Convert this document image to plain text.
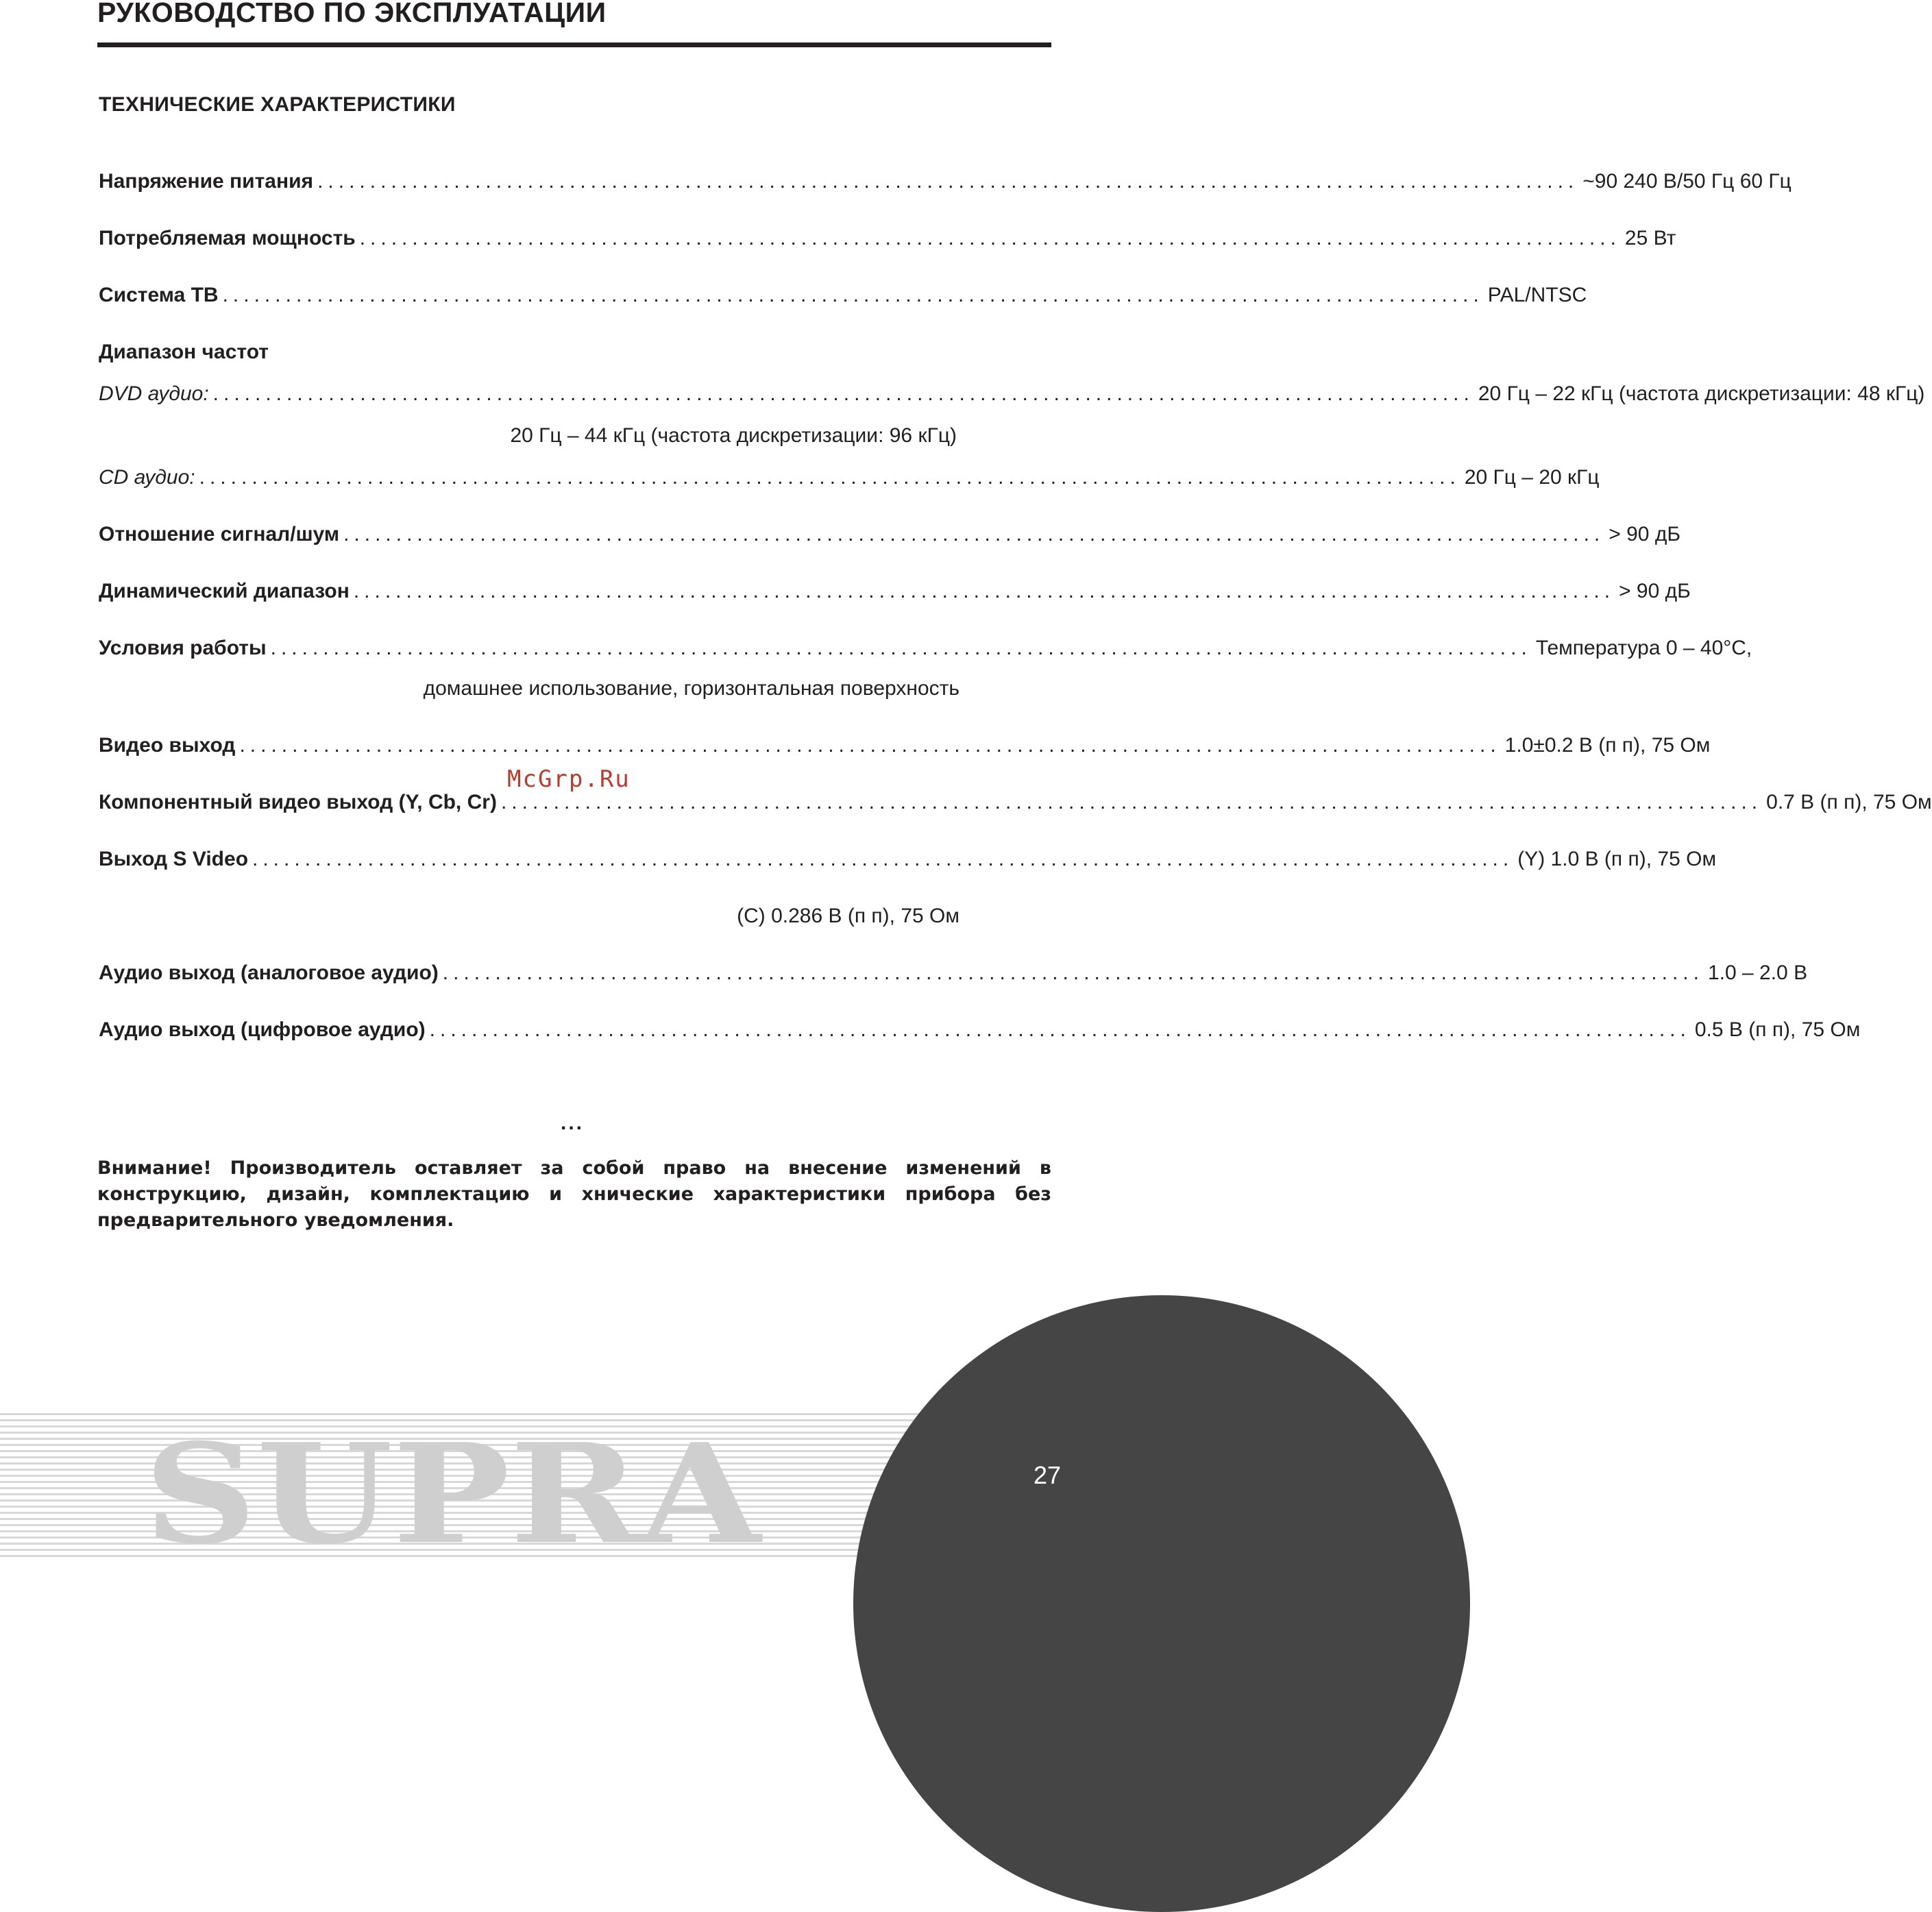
РУКОВОДСТВО ПО ЭКСПЛУАТАЦИИ
ТЕХНИЧЕСКИЕ ХАРАКТЕРИСТИКИ
Напряжение питания ........................................................................................................................ ~90 240 В/50 Гц 60 Гц
Потребляемая мощность ........................................................................................................................ 25 Вт
Система ТВ ........................................................................................................................ PAL/NTSC
Диапазон частот
DVD аудио: ........................................................................................................................ 20 Гц – 22 кГц (частота дискретизации: 48 кГц)
20 Гц – 44 кГц (частота дискретизации: 96 кГц)
CD аудио: ........................................................................................................................ 20 Гц – 20 кГц
Отношение сигнал/шум ........................................................................................................................ > 90 дБ
Динамический диапазон ........................................................................................................................ > 90 дБ
Условия работы ........................................................................................................................ Температура 0 – 40°С,
домашнее использование, горизонтальная поверхность
Видео выход ........................................................................................................................ 1.0±0.2 В (п п), 75 Ом
Компонентный видео выход (Y, Cb, Cr) ........................................................................................................................ 0.7 В (п п), 75 Ом
Выход S Video ........................................................................................................................ (Y) 1.0 В (п п), 75 Ом
(С) 0.286 В (п п), 75 Ом
Аудио выход (аналоговое аудио) ........................................................................................................................ 1.0 – 2.0 В
Аудио выход (цифровое аудио) ........................................................................................................................ 0.5 В (п п), 75 Ом
McGrp.Ru
...

Внимание! Производитель оставляет за собой право на внесение изменений в конструкцию, дизайн, комплектацию и хнические характеристики прибора без предварительного уведомления.

SUPRA	27
